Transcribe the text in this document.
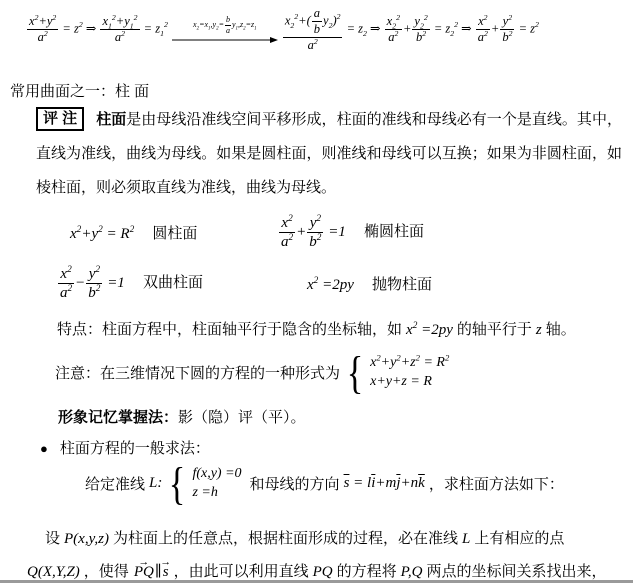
$\frac{x^2+y^2}{a^2} = z^2$ ⇒ $\frac{x_1^2+y_1^2}{a^2} = z_1^2$	$x_2=x_1,y_2= \frac{b}{a} y_1,z_2=z_1 \frac{x_2^2+( \frac{a}{b} y_2)^2}{a^2} = z_2$ ⇒ $\frac{x_2^2}{a^2} + \frac{y_2^2}{b^2} = z_2^2$ ⇒ $\frac{x^2}{a^2} + \frac{y^2}{b^2} = z^2$
常用曲面之一：柱 面
评 注 柱面是由母线沿准线空间平移形成，柱面的准线和母线必有一个是直线。其中，直线为准线，曲线为母线。如果是圆柱面，则准线和母线可以互换；如果为非圆柱面，如棱柱面，则必须取直线为准线，曲线为母线。
$x^2+y^2 = R^2$ 圆柱面	$\frac{x^2}{a^2} + \frac{y^2}{b^2} =1$ 椭圆柱面
$\frac{x^2}{a^2} - \frac{y^2}{b^2} =1$ 双曲柱面	$x^2 =2py$ 抛物柱面
特点：柱面方程中，柱面轴平行于隐含的坐标轴，如 $x^2 =2py$ 的轴平行于 z 轴。
注意：在三维情况下圆的方程的一种形式为 { $x^2+y^2+z^2 = R^2$
x+y+z = R
形象记忆掌握法：影（隐）评（平）。
● 柱面方程的一般求法：
给定准线 L: { f(x,y) =0
z =h	和母线的方向 $\overline{s} = l\overline{i}+m\overline{j}+n\overline{k}$ ，求柱面方法如下：
设 P(x,y,z) 为柱面上的任意点，根据柱面形成的过程，必在准线 L 上有相应的点
Q(X,Y,Z) ，使得 → PQ∥→ s ，由此可以利用直线 PQ 的方程将 P,Q 两点的坐标间关系找出来，
